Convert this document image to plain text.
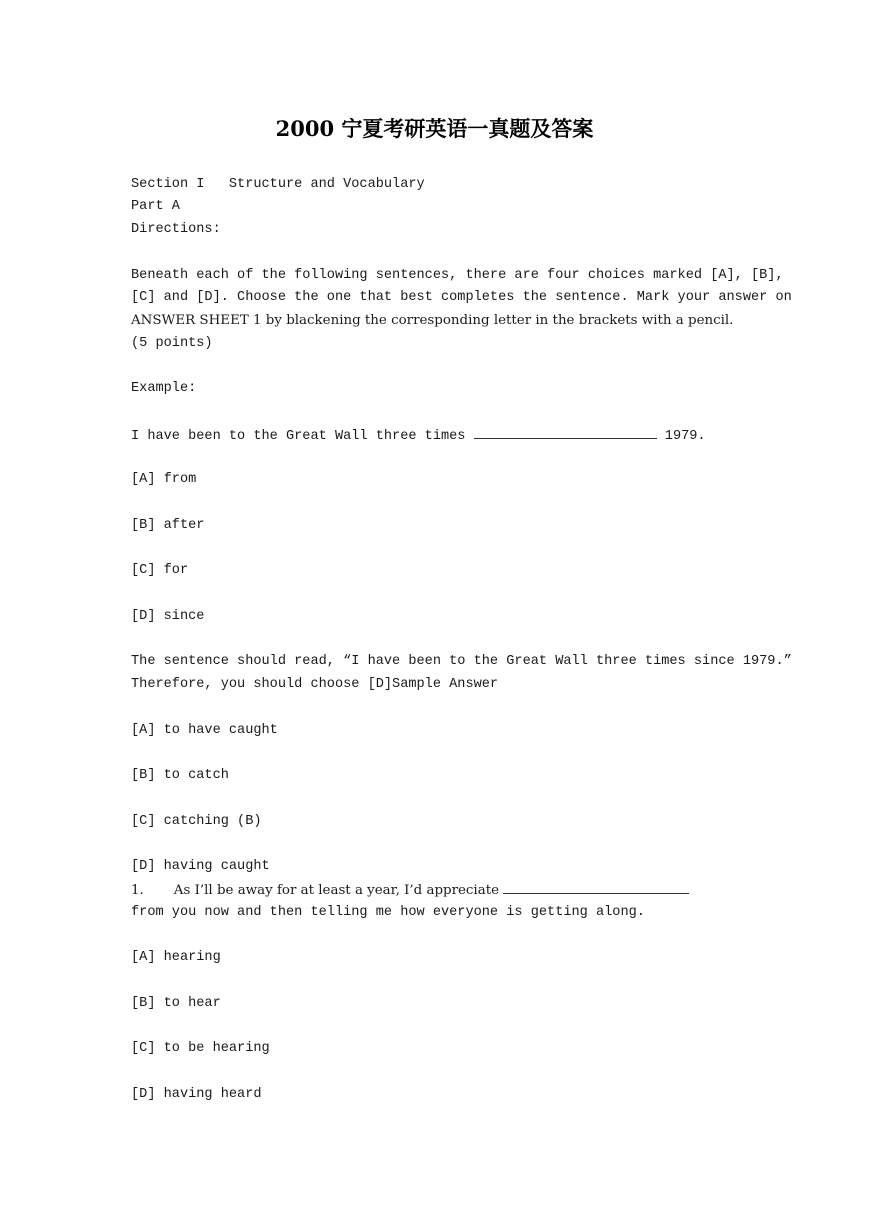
2000 宁夏考研英语一真题及答案
Section I   Structure and Vocabulary
Part A
Directions:
Beneath each of the following sentences, there are four choices marked [A], [B],
[C] and [D]. Choose the one that best completes the sentence. Mark your answer on
ANSWER SHEET 1 by blackening the corresponding letter in the brackets with a pencil.
(5 points)
Example:
I have been to the Great Wall three times	1979.
[A] from
[B] after
[C] for
[D] since
The sentence should read, “I have been to the Great Wall three times since 1979.”
Therefore, you should choose [D]Sample Answer
[A] to have caught
[B] to catch
[C] catching (B)
[D] having caught
1. As I’ll be away for at least a year, I’d appreciate
from you now and then telling me how everyone is getting along.
[A] hearing
[B] to hear
[C] to be hearing
[D] having heard
